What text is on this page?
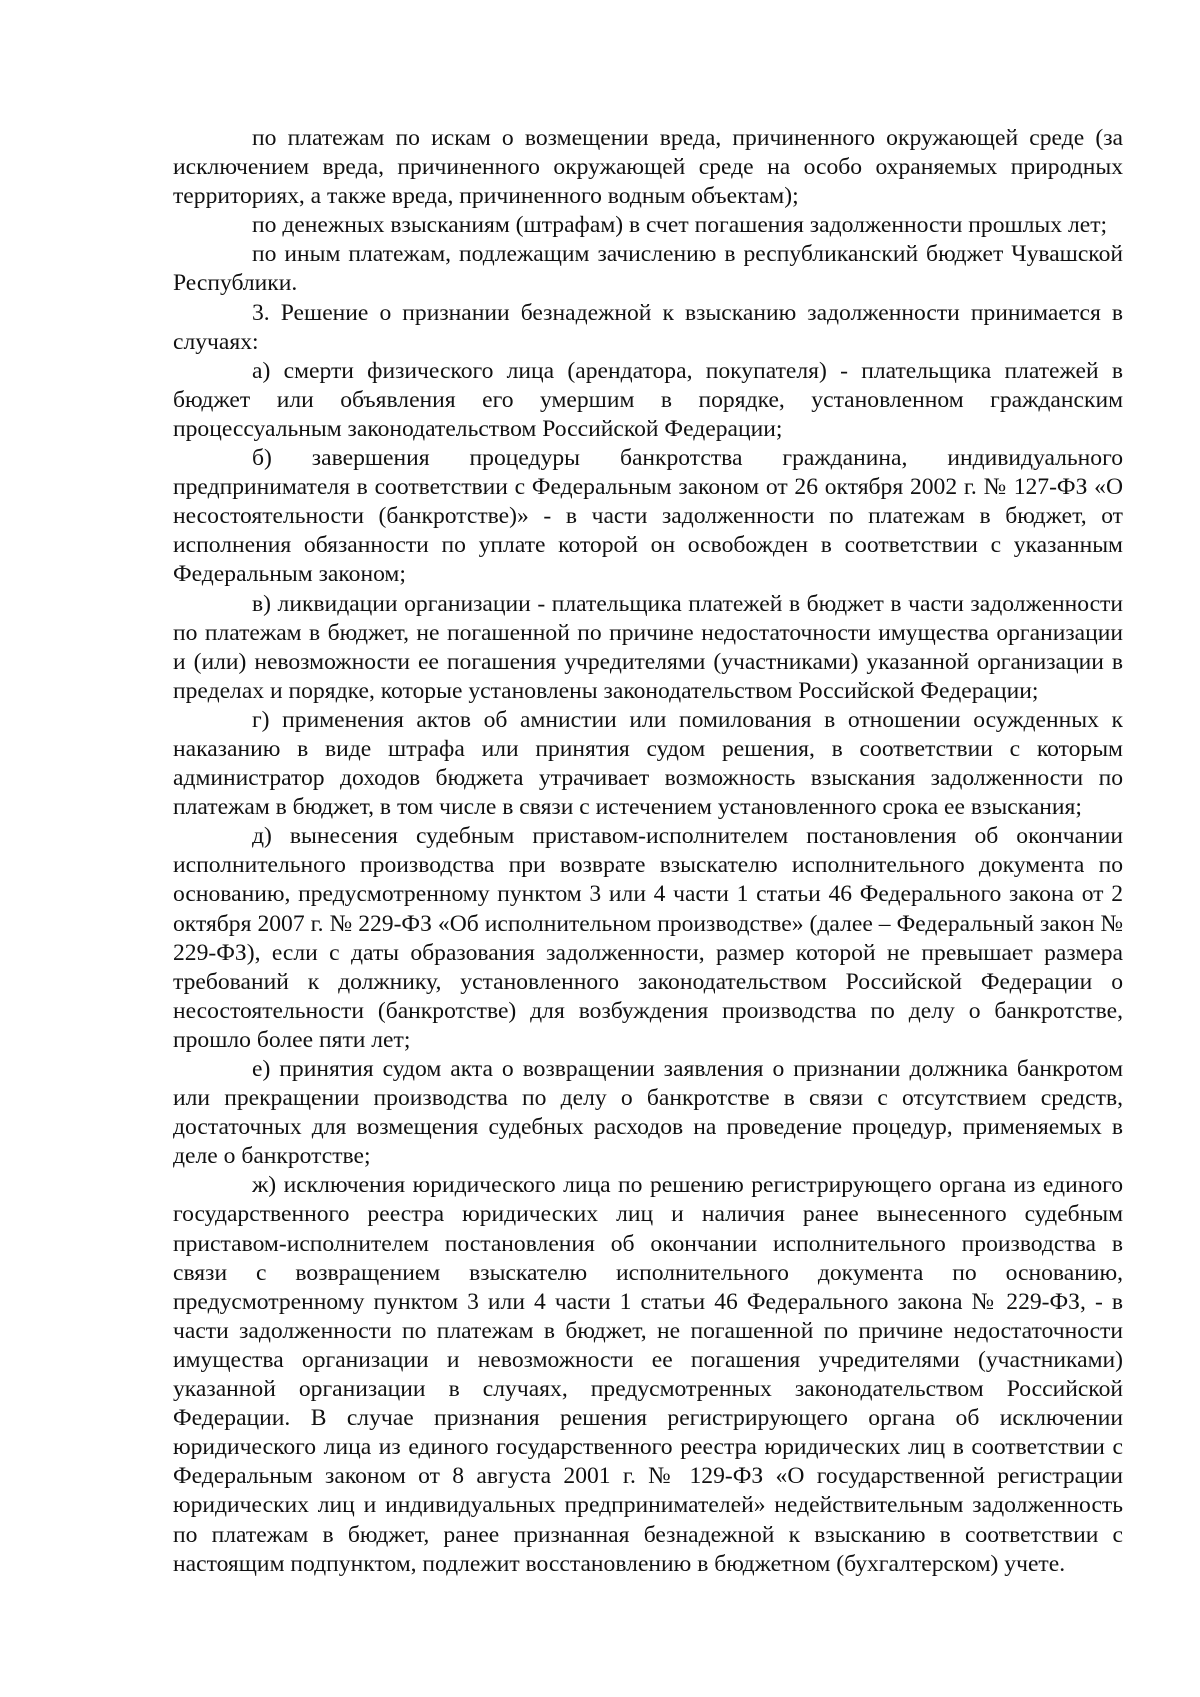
по платежам по искам о возмещении вреда, причиненного окружающей среде (за исключением вреда, причиненного окружающей среде на особо охраняемых природных территориях, а также вреда, причиненного водным объектам);

по денежных взысканиям (штрафам) в счет погашения задолженности прошлых лет;

по иным платежам, подлежащим зачислению в республиканский бюджет Чувашской Республики.

3. Решение о признании безнадежной к взысканию задолженности принимается в случаях:

а) смерти физического лица (арендатора, покупателя) - плательщика платежей в бюджет или объявления его умершим в порядке, установленном гражданским процессуальным законодательством Российской Федерации;

б) завершения процедуры банкротства гражданина, индивидуального предпринимателя в соответствии с Федеральным законом от 26 октября 2002 г. № 127-ФЗ «О несостоятельности (банкротстве)» - в части задолженности по платежам в бюджет, от исполнения обязанности по уплате которой он освобожден в соответствии с указанным Федеральным законом;

в) ликвидации организации - плательщика платежей в бюджет в части задолженности по платежам в бюджет, не погашенной по причине недостаточности имущества организации и (или) невозможности ее погашения учредителями (участниками) указанной организации в пределах и порядке, которые установлены законодательством Российской Федерации;

г) применения актов об амнистии или помилования в отношении осужденных к наказанию в виде штрафа или принятия судом решения, в соответствии с которым администратор доходов бюджета утрачивает возможность взыскания задолженности по платежам в бюджет, в том числе в связи с истечением установленного срока ее взыскания;

д) вынесения судебным приставом-исполнителем постановления об окончании исполнительного производства при возврате взыскателю исполнительного документа по основанию, предусмотренному пунктом 3 или 4 части 1 статьи 46 Федерального закона от 2 октября 2007 г. № 229-ФЗ «Об исполнительном производстве» (далее – Федеральный закон № 229-ФЗ), если с даты образования задолженности, размер которой не превышает размера требований к должнику, установленного законодательством Российской Федерации о несостоятельности (банкротстве) для возбуждения производства по делу о банкротстве, прошло более пяти лет;

е) принятия судом акта о возвращении заявления о признании должника банкротом или прекращении производства по делу о банкротстве в связи с отсутствием средств, достаточных для возмещения судебных расходов на проведение процедур, применяемых в деле о банкротстве;

ж) исключения юридического лица по решению регистрирующего органа из единого государственного реестра юридических лиц и наличия ранее вынесенного судебным приставом-исполнителем постановления об окончании исполнительного производства в связи с возвращением взыскателю исполнительного документа по основанию, предусмотренному пунктом 3 или 4 части 1 статьи 46 Федерального закона № 229-ФЗ, - в части задолженности по платежам в бюджет, не погашенной по причине недостаточности имущества организации и невозможности ее погашения учредителями (участниками) указанной организации в случаях, предусмотренных законодательством Российской Федерации. В случае признания решения регистрирующего органа об исключении юридического лица из единого государственного реестра юридических лиц в соответствии с Федеральным законом от 8 августа 2001 г. № 129-ФЗ «О государственной регистрации юридических лиц и индивидуальных предпринимателей» недействительным задолженность по платежам в бюджет, ранее признанная безнадежной к взысканию в соответствии с настоящим подпунктом, подлежит восстановлению в бюджетном (бухгалтерском) учете.
